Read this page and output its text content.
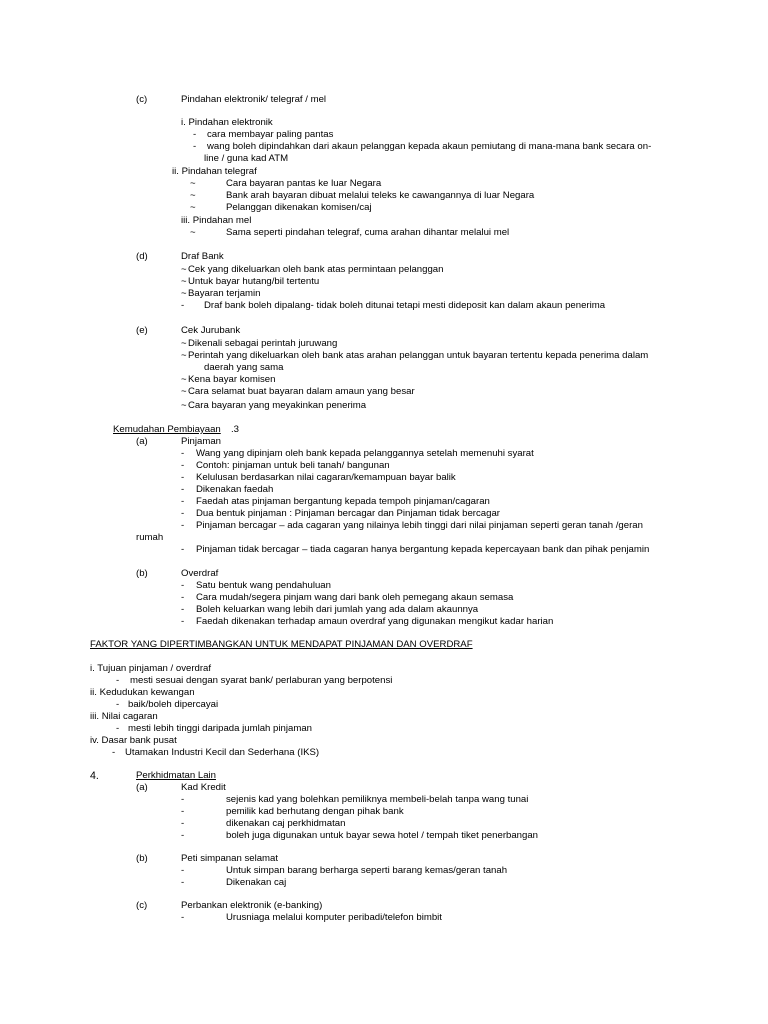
(c)	Pindahan elektronik/ telegraf / mel
i. Pindahan elektronik
- cara membayar paling pantas
- wang boleh dipindahkan dari akaun pelanggan kepada akaun pemiutang di mana-mana bank secara on-
line / guna kad ATM
ii. Pindahan telegraf
~	Cara bayaran pantas ke luar Negara
~	Bank arah bayaran dibuat melalui teleks ke cawangannya di luar Negara
~	Pelanggan dikenakan komisen/caj
iii. Pindahan mel
~	Sama seperti pindahan telegraf, cuma arahan dihantar melalui mel
(d)	Draf Bank
~ Cek yang dikeluarkan oleh bank atas permintaan pelanggan
~ Untuk bayar hutang/bil tertentu
~ Bayaran terjamin
- Draf bank boleh dipalang- tidak boleh ditunai tetapi mesti dideposit kan dalam akaun penerima
(e)	Cek Jurubank
~ Dikenali sebagai perintah juruwang
~ Perintah yang dikeluarkan oleh bank atas arahan pelanggan untuk bayaran tertentu kepada penerima dalam
daerah yang sama
~ Kena bayar komisen
~ Cara selamat buat bayaran dalam amaun yang besar
~ Cara bayaran yang meyakinkan penerima
Kemudahan Pembiayaan .3
(a)	Pinjaman
- Wang yang dipinjam oleh bank kepada pelanggannya setelah memenuhi syarat
- Contoh: pinjaman untuk beli tanah/ bangunan
- Kelulusan berdasarkan nilai cagaran/kemampuan bayar balik
- Dikenakan faedah
- Faedah atas pinjaman bergantung kepada tempoh pinjaman/cagaran
- Dua bentuk pinjaman : Pinjaman bercagar dan Pinjaman tidak bercagar
- Pinjaman bercagar – ada cagaran yang nilainya lebih tinggi dari nilai pinjaman seperti geran tanah /geran
rumah
- Pinjaman tidak bercagar – tiada cagaran hanya bergantung kepada kepercayaan bank dan pihak penjamin
(b)	Overdraf
- Satu bentuk wang pendahuluan
- Cara mudah/segera pinjam wang dari bank oleh pemegang akaun semasa
- Boleh keluarkan wang lebih dari jumlah yang ada dalam akaunnya
- Faedah dikenakan terhadap amaun overdraf yang digunakan mengikut kadar harian
FAKTOR YANG DIPERTIMBANGKAN UNTUK MENDAPAT PINJAMAN DAN OVERDRAF
i. Tujuan pinjaman / overdraf
- mesti sesuai dengan syarat bank/ perlaburan yang berpotensi
ii. Kedudukan kewangan
- baik/boleh dipercayai
iii. Nilai cagaran
- mesti lebih tinggi daripada jumlah pinjaman
iv. Dasar bank pusat
- Utamakan Industri Kecil dan Sederhana (IKS)
4.	Perkhidmatan Lain
(a)	Kad Kredit
-	sejenis kad yang bolehkan pemiliknya membeli-belah tanpa wang tunai
-	pemilik kad berhutang dengan pihak bank
-	dikenakan caj perkhidmatan
-	boleh juga digunakan untuk bayar sewa hotel / tempah tiket penerbangan
(b)	Peti simpanan selamat
-	Untuk simpan barang berharga seperti barang kemas/geran tanah
-	Dikenakan caj
(c)	Perbankan elektronik (e-banking)
-	Urusniaga melalui komputer peribadi/telefon bimbit
